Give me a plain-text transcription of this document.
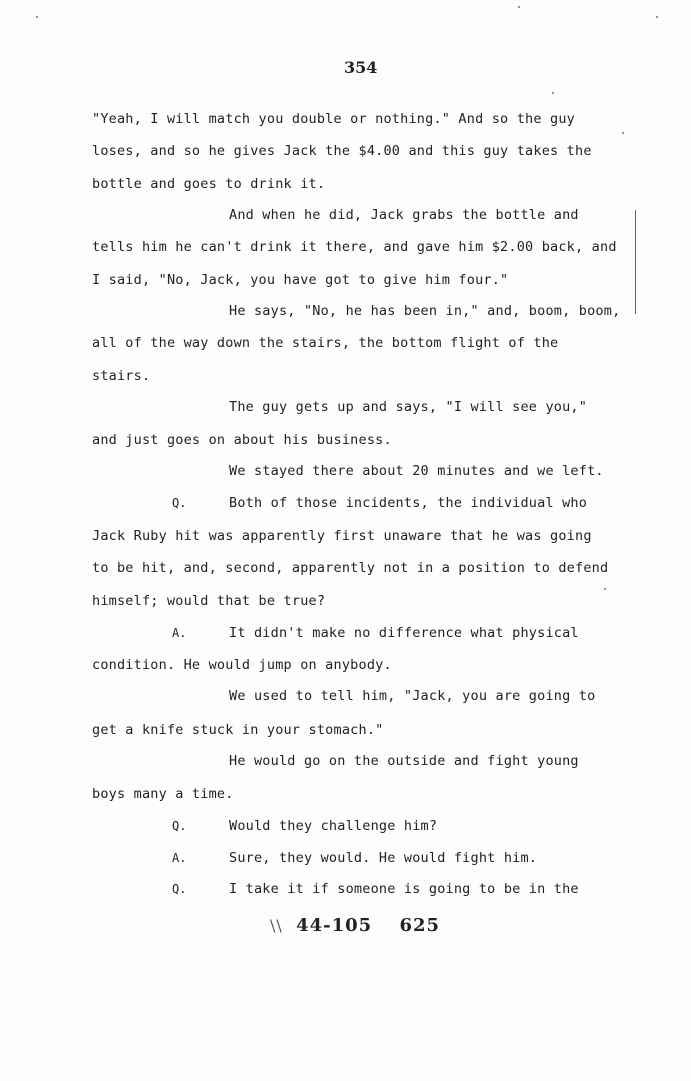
354
"Yeah, I will match you double or nothing." And so the guy
loses, and so he gives Jack the $4.00 and this guy takes the
bottle and goes to drink it.
And when he did, Jack grabs the bottle and
tells him he can't drink it there, and gave him $2.00 back, and
I said, "No, Jack, you have got to give him four."
He says, "No, he has been in," and, boom, boom,
all of the way down the stairs, the bottom flight of the
stairs.
The guy gets up and says, "I will see you,"
and just goes on about his business.
We stayed there about 20 minutes and we left.
Q.	Both of those incidents, the individual who
Jack Ruby hit was apparently first unaware that he was going
to be hit, and, second, apparently not in a position to defend
himself; would that be true?
A.	It didn't make no difference what physical
condition. He would jump on anybody.
We used to tell him, "Jack, you are going to
get a knife stuck in your stomach."
He would go on the outside and fight young
boys many a time.
Q.	Would they challenge him?
A.	Sure, they would. He would fight him.
Q.	I take it if someone is going to be in the
\\ 44-105 625
